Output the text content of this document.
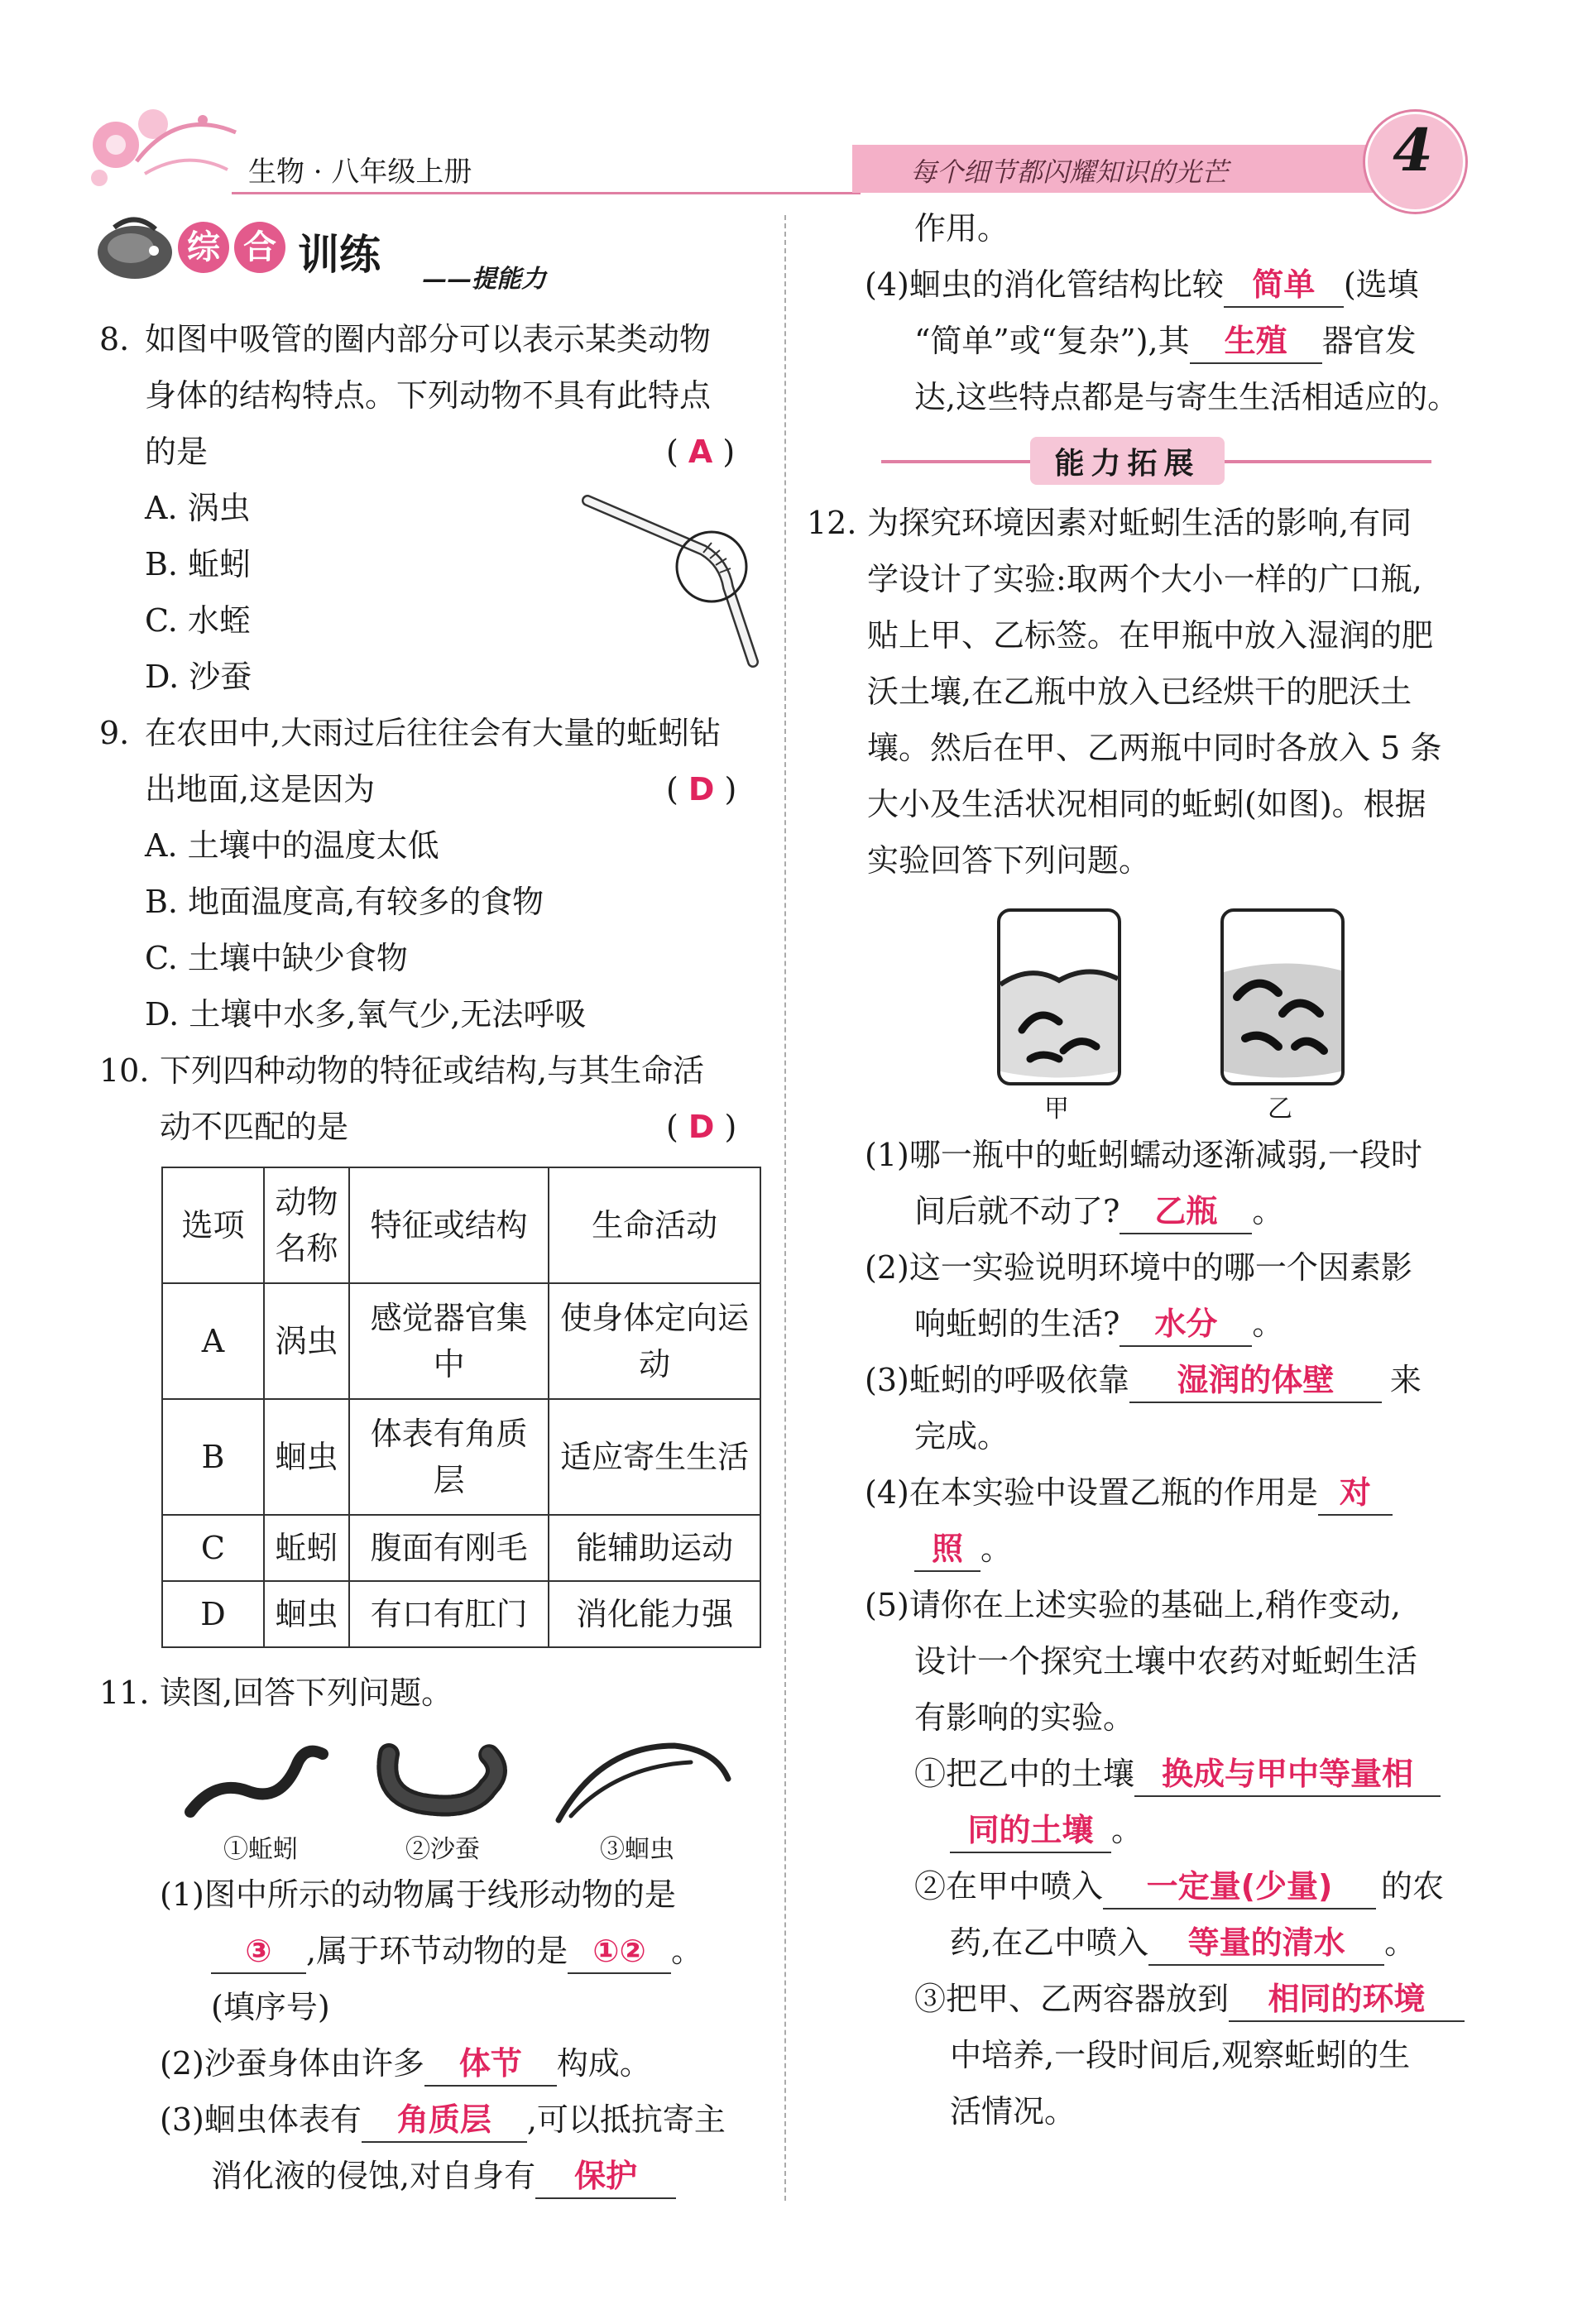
生物 · 八年级上册	每个细节都闪耀知识的光芒	4
综 合 训练
——提能力
8. 如图中吸管的圈内部分可以表示某类动物
身体的结构特点。下列动物不具有此特点
的是	( A )
A. 涡虫
B. 蚯蚓
C. 水蛭
D. 沙蚕
9. 在农田中,大雨过后往往会有大量的蚯蚓钻
出地面,这是因为	( D )
A. 土壤中的温度太低
B. 地面温度高,有较多的食物
C. 土壤中缺少食物
D. 土壤中水多,氧气少,无法呼吸
10. 下列四种动物的特征或结构,与其生命活
动不匹配的是	( D )
选项	动物名称	特征或结构	生命活动
A	涡虫	感觉器官集中	使身体定向运动
B	蛔虫	体表有角质层	适应寄生生活
C	蚯蚓	腹面有刚毛	能辅助运动
D	蛔虫	有口有肛门	消化能力强
11. 读图,回答下列问题。
①蚯蚓	②沙蚕	③蛔虫
(1)图中所示的动物属于线形动物的是
③ ,属于环节动物的是 ①② 。
(填序号)
(2)沙蚕身体由许多 体节 构成。
(3)蛔虫体表有 角质层 ,可以抵抗寄主
消化液的侵蚀,对自身有 保护
作用。
(4)蛔虫的消化管结构比较 简单 (选填
“简单”或“复杂”),其 生殖 器官发
达,这些特点都是与寄生生活相适应的。
能力拓展
12. 为探究环境因素对蚯蚓生活的影响,有同
学设计了实验:取两个大小一样的广口瓶,
贴上甲、乙标签。在甲瓶中放入湿润的肥
沃土壤,在乙瓶中放入已经烘干的肥沃土
壤。然后在甲、乙两瓶中同时各放入 5 条
大小及生活状况相同的蚯蚓(如图)。根据
实验回答下列问题。
甲	乙
(1)哪一瓶中的蚯蚓蠕动逐渐减弱,一段时
间后就不动了? 乙瓶 。
(2)这一实验说明环境中的哪一个因素影
响蚯蚓的生活? 水分 。
(3)蚯蚓的呼吸依靠 湿润的体壁 来
完成。
(4)在本实验中设置乙瓶的作用是 对
照 。
(5)请你在上述实验的基础上,稍作变动,
设计一个探究土壤中农药对蚯蚓生活
有影响的实验。
①把乙中的土壤 换成与甲中等量相
同的土壤 。
②在甲中喷入 一定量(少量) 的农
药,在乙中喷入 等量的清水 。
③把甲、乙两容器放到 相同的环境
中培养,一段时间后,观察蚯蚓的生
活情况。
